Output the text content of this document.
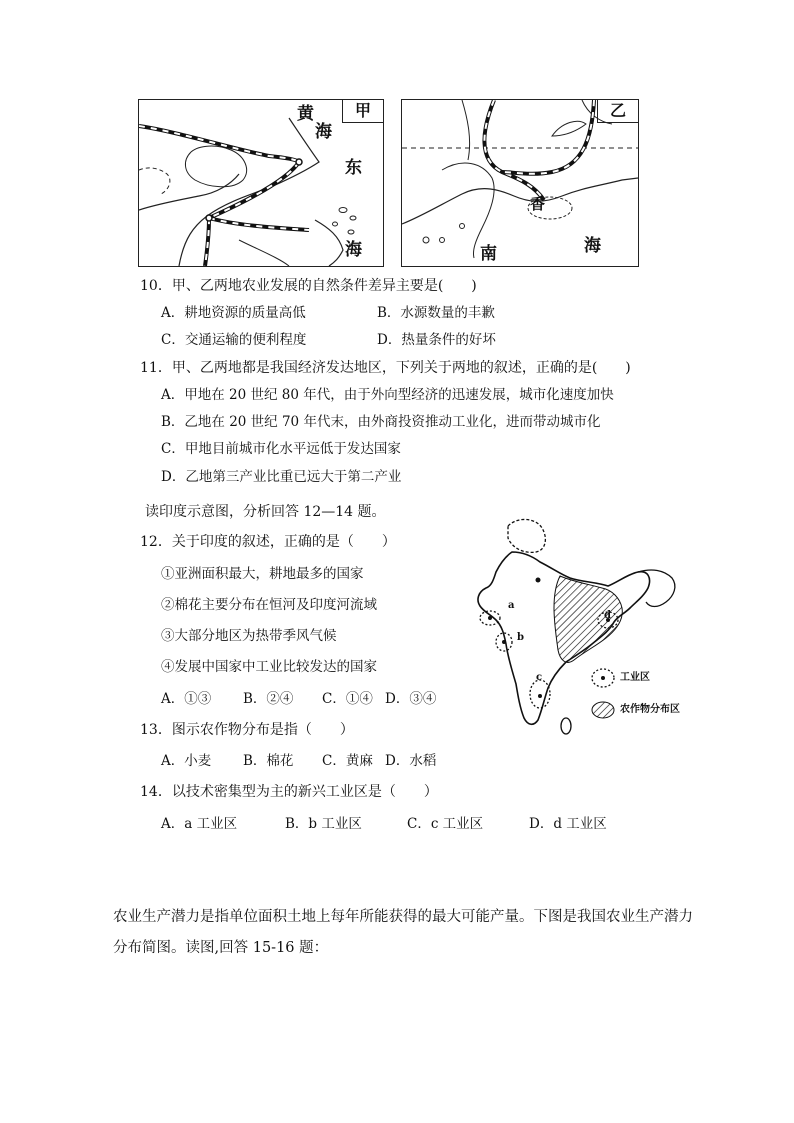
甲
黄
海
东
海
乙
香
南	海
10．甲、乙两地农业发展的自然条件差异主要是(　　)
A．耕地资源的质量高低	B．水源数量的丰歉
C．交通运输的便利程度	D．热量条件的好坏
11．甲、乙两地都是我国经济发达地区，下列关于两地的叙述，正确的是(　　)
A．甲地在 20 世纪 80 年代，由于外向型经济的迅速发展，城市化速度加快
B．乙地在 20 世纪 70 年代末，由外商投资推动工业化，进而带动城市化
C．甲地目前城市化水平远低于发达国家
D．乙地第三产业比重已远大于第二产业
读印度示意图，分析回答 12—14 题。
12．关于印度的叙述，正确的是（　　）
①亚洲面积最大，耕地最多的国家
②棉花主要分布在恒河及印度河流域
③大部分地区为热带季风气候
④发展中国家中工业比较发达的国家
A．①③ B．②④ C．①④ D．③④
13．图示农作物分布是指（　　）
A．小麦 B．棉花 C．黄麻 D．水稻
14．以技术密集型为主的新兴工业区是（　　）
A．a 工业区	B．b 工业区	C．c 工业区	D．d 工业区
a
b
c
d
工业区
农作物分布区
农业生产潜力是指单位面积土地上每年所能获得的最大可能产量。下图是我国农业生产潜力
分布简图。读图,回答 15-16 题：
